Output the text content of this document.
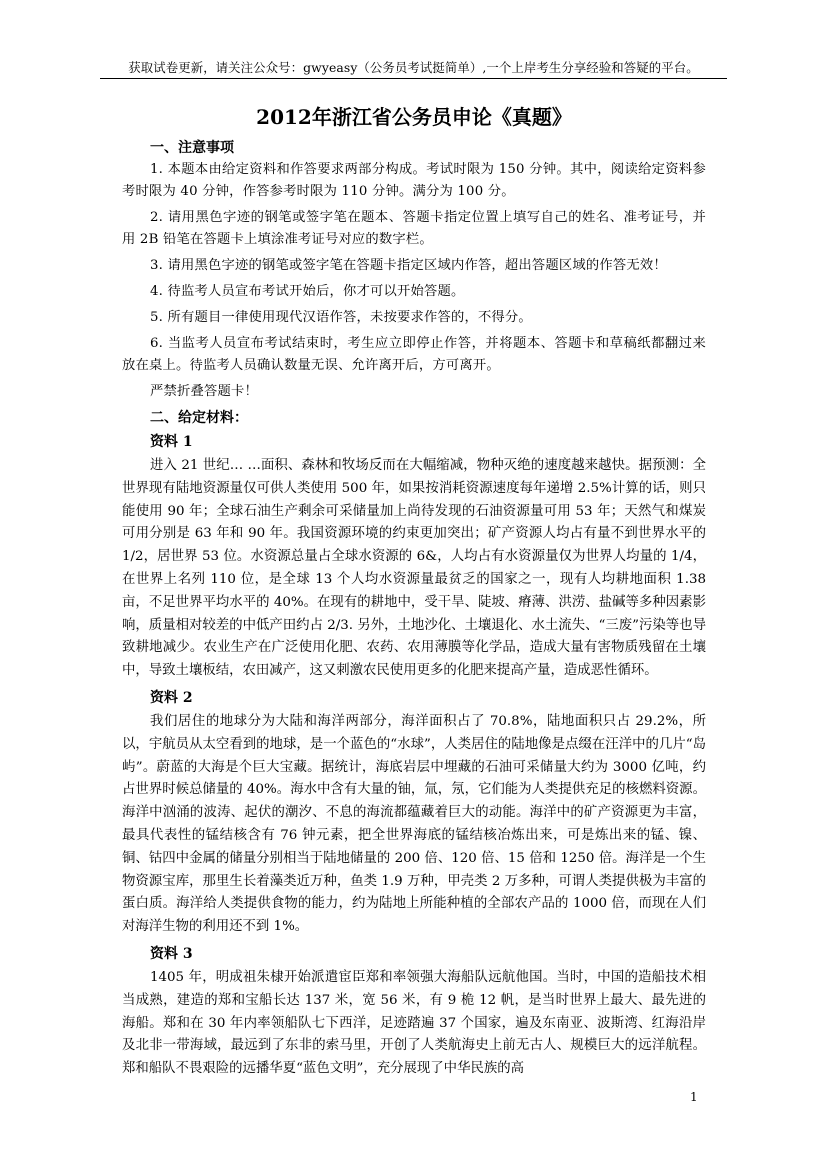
获取试卷更新，请关注公众号：gwyeasy（公务员考试挺简单）,一个上岸考生分享经验和答疑的平台。
2012年浙江省公务员申论《真题》

一、注意事项

1. 本题本由给定资料和作答要求两部分构成。考试时限为 150 分钟。其中，阅读给定资料参考时限为 40 分钟，作答参考时限为 110 分钟。满分为 100 分。

2. 请用黑色字迹的钢笔或签字笔在题本、答题卡指定位置上填写自己的姓名、准考证号，并用 2B 铅笔在答题卡上填涂准考证号对应的数字栏。

3. 请用黑色字迹的钢笔或签字笔在答题卡指定区域内作答，超出答题区域的作答无效！

4. 待监考人员宣布考试开始后，你才可以开始答题。

5. 所有题目一律使用现代汉语作答，未按要求作答的，不得分。

6. 当监考人员宣布考试结束时，考生应立即停止作答，并将题本、答题卡和草稿纸都翻过来放在桌上。待监考人员确认数量无误、允许离开后，方可离开。

严禁折叠答题卡！

二、给定材料：

资料 1

进入 21 世纪… …面积、森林和牧场反而在大幅缩减，物种灭绝的速度越来越快。据预测：全世界现有陆地资源量仅可供人类使用 500 年，如果按消耗资源速度每年递增 2.5%计算的话，则只能使用 90 年；全球石油生产剩余可采储量加上尚待发现的石油资源量可用 53 年；天然气和煤炭可用分别是 63 年和 90 年。我国资源环境的约束更加突出；矿产资源人均占有量不到世界水平的 1/2，居世界 53 位。水资源总量占全球水资源的 6&，人均占有水资源量仅为世界人均量的 1/4，在世界上名列 110 位，是全球 13 个人均水资源量最贫乏的国家之一，现有人均耕地面积 1.38 亩，不足世界平均水平的 40%。在现有的耕地中，受干旱、陡坡、瘠薄、洪涝、盐碱等多种因素影响，质量相对较差的中低产田约占 2/3. 另外，土地沙化、土壤退化、水土流失、“三废”污染等也导致耕地减少。农业生产在广泛使用化肥、农药、农用薄膜等化学品，造成大量有害物质残留在土壤中，导致土壤板结，农田减产，这又刺激农民使用更多的化肥来提高产量，造成恶性循环。

资料 2

我们居住的地球分为大陆和海洋两部分，海洋面积占了 70.8%，陆地面积只占 29.2%，所以，宇航员从太空看到的地球，是一个蓝色的“水球”，人类居住的陆地像是点缀在汪洋中的几片“岛屿”。蔚蓝的大海是个巨大宝藏。据统计，海底岩层中埋藏的石油可采储量大约为 3000 亿吨，约占世界时候总储量的 40%。海水中含有大量的铀，氚，氖，它们能为人类提供充足的核燃料资源。海洋中汹涌的波涛、起伏的潮汐、不息的海流都蕴藏着巨大的动能。海洋中的矿产资源更为丰富，最具代表性的锰结核含有 76 钟元素，把全世界海底的锰结核冶炼出来，可是炼出来的锰、镍、铜、钴四中金属的储量分别相当于陆地储量的 200 倍、120 倍、15 倍和 1250 倍。海洋是一个生物资源宝库，那里生长着藻类近万种，鱼类 1.9 万种，甲壳类 2 万多种，可谓人类提供极为丰富的蛋白质。海洋给人类提供食物的能力，约为陆地上所能种植的全部农产品的 1000 倍，而现在人们对海洋生物的利用还不到 1%。

资料 3

1405 年，明成祖朱棣开始派遣宦臣郑和率领强大海船队远航他国。当时，中国的造船技术相当成熟，建造的郑和宝船长达 137 米，宽 56 米，有 9 桅 12 帆，是当时世界上最大、最先进的海船。郑和在 30 年内率领船队七下西洋，足迹踏遍 37 个国家，遍及东南亚、波斯湾、红海沿岸及北非一带海域，最远到了东非的索马里，开创了人类航海史上前无古人、规模巨大的远洋航程。郑和船队不畏艰险的远播华夏“蓝色文明”，充分展现了中华民族的高

1
